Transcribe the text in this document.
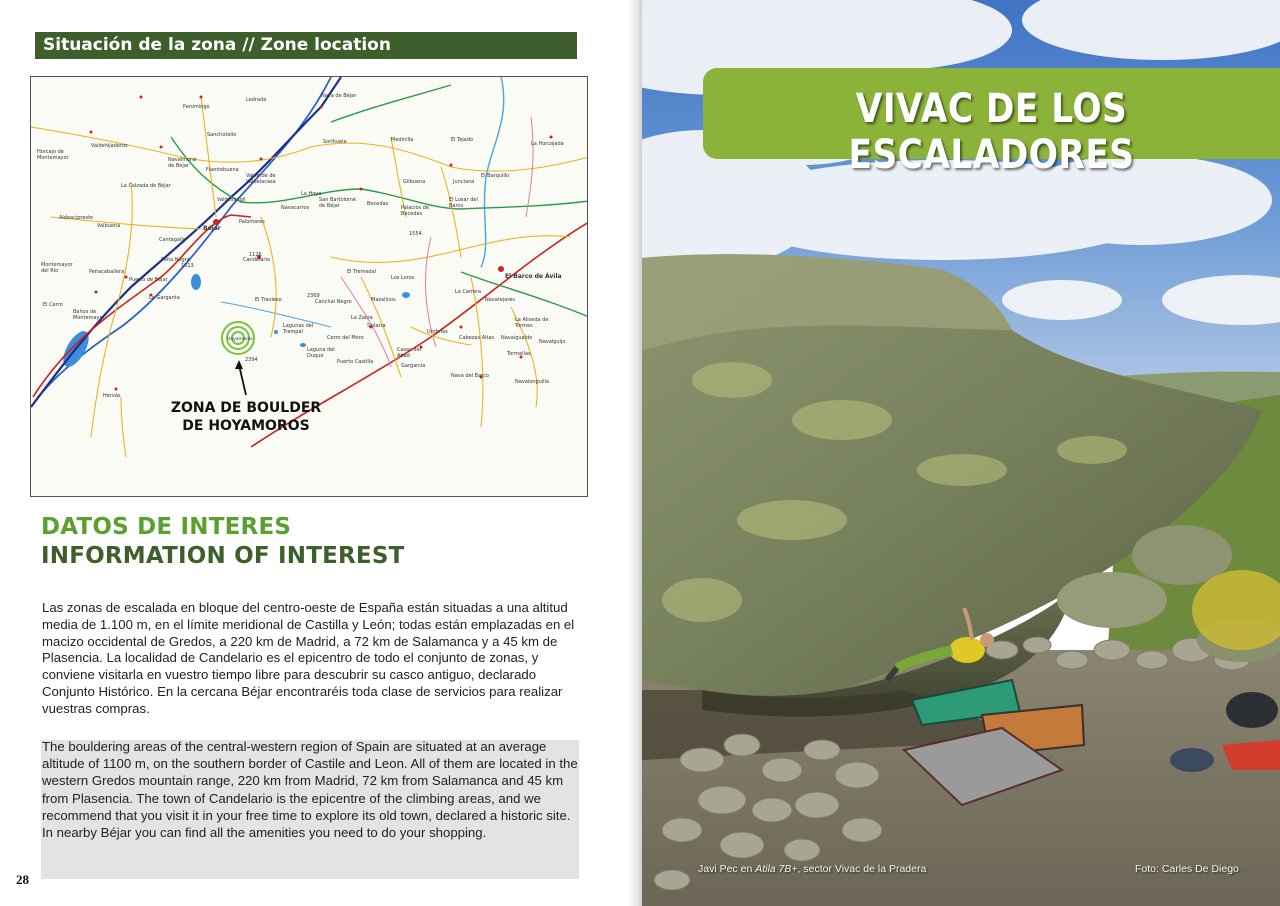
Situación de la zona // Zone location
Nava de Béjar
Ledrada
Peromingo
Horcajo de Montemayor
Valdehijaderos
Sanchotello
Navalmoral de Béjar
Fuentebuena
Valverde de Valdelacasa
Valdesangil
La Calzada de Béjar
Aldeacipreste
Valbuena
Cantagallo
Béjar
Palomares
Montemayor del Río	Peñacaballera
Peña Negra
Puerto de Béjar
La Garganta
El Cerro
Baños de Montemayor
Hervás
Candelario
El Travieso
Hoyamoros
Sorihuela	Medinilla	El Tejado
La Hoya
San Bartolomé de Béjar
Navacarros
Becedas
Palacios de Becedas
Gilbuena	Junciana
El Losar del Barco
El Barquillo
La Horcajada
La Carrera
El Barco de Ávila
Navatejares
El Tremedal
Los Loros
Mazalinos
Solana
La Zarza
Puerto Castilla
Cabezas Altas
La Aliseda de Tormes
Navaigualdo
Navalonguilla
Tormellas
Navalguijo
Gargarcia
Nava del Barco
Lagunas del Trampal
Laguna del Duque
Umbrías
Casas del Abad
Canchal Negro
Cerro del Moro
1126
1613
2369
2394
1554
ZONA DE BOULDER
DE HOYAMOROS
DATOS DE INTERES
INFORMATION OF INTEREST

Las zonas de escalada en bloque del centro-oeste de España están situadas a una altitud media de 1.100 m, en el límite meridional de Castilla y León; todas están emplazadas en el macizo occidental de Gredos, a 220 km de Madrid, a 72 km de Salamanca y a 45 km de Plasencia. La localidad de Candelario es el epicentro de todo el conjunto de zonas, y conviene visitarla en vuestro tiempo libre para descubrir su casco antiguo, declarado Conjunto Histórico. En la cercana Béjar encontraréis toda clase de servicios para realizar vuestras compras.

The bouldering areas of the central-western region of Spain are situated at an average altitude of 1100 m, on the southern border of Castile and Leon. All of them are located in the western Gredos mountain range, 220 km from Madrid, 72 km from Salamanca and 45 km from Plasencia. The town of Candelario is the epicentre of the climbing areas, and we recommend that you visit it in your free time to explore its old town, declared a historic site. In nearby Béjar you can find all the amenities you need to do your shopping.

28
VIVAC DE LOS ESCALADORES
Javi Pec en Atila 7B+, sector Vivac de la Pradera	Foto: Carles De Diego
